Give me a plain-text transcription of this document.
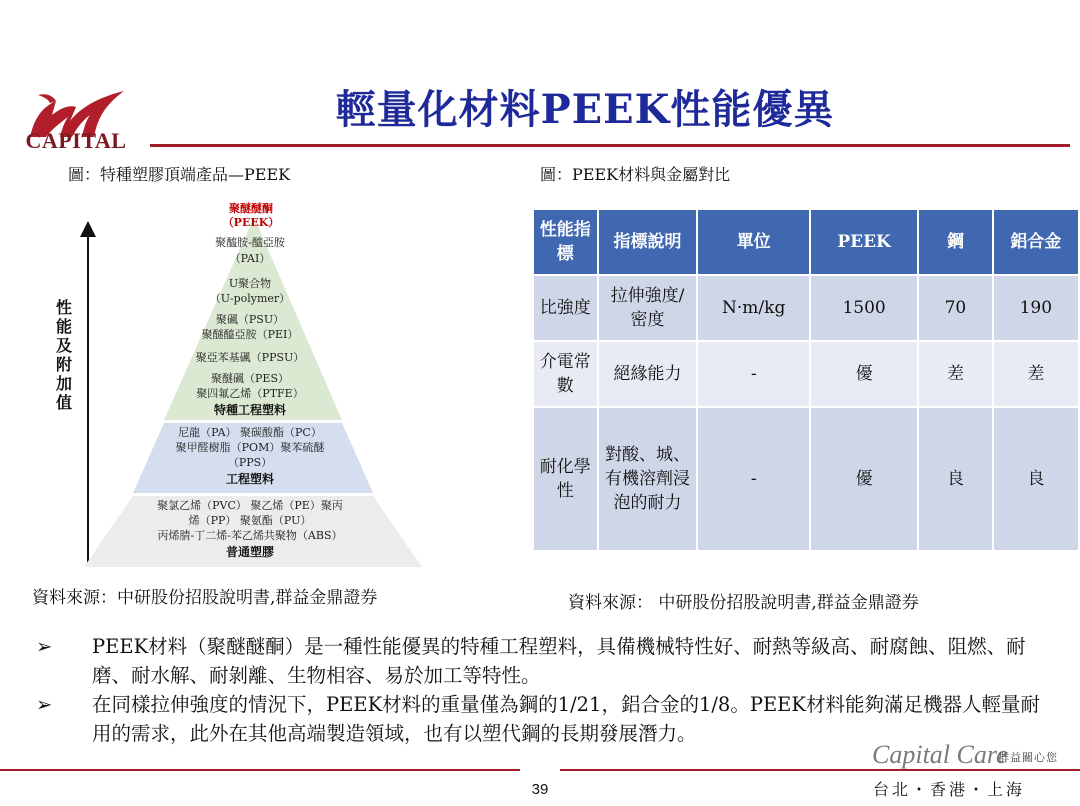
CAPITAL
輕量化材料PEEK性能優異
圖：特種塑膠頂端產品—PEEK	圖：PEEK材料與金屬對比
性能及附加值
聚醚醚酮
（PEEK）
聚醯胺-醯亞胺
（PAI）
U聚合物
（U-polymer）
聚碸（PSU）
聚醚醯亞胺（PEI）
聚亞苯基碸（PPSU）
聚醚碸（PES）
聚四氟乙烯（PTFE）
特種工程塑料
尼龍（PA） 聚碳酸酯（PC）
聚甲醛樹脂（POM）聚苯硫醚
（PPS）
工程塑料
聚氯乙烯（PVC） 聚乙烯（PE）聚丙
烯（PP） 聚氨酯（PU）
丙烯腈-丁二烯-苯乙烯共聚物（ABS）
普通塑膠
性能指標	指標說明	單位	PEEK	鋼	鋁合金
比強度	拉伸強度/密度	N·m/kg	1500	70	190
介電常數	絕緣能力	-	優	差	差
耐化學性	對酸、城、有機溶劑浸泡的耐力	-	優	良	良
資料來源：中研股份招股說明書,群益金鼎證券	資料來源： 中研股份招股說明書,群益金鼎證券
➢	PEEK材料（聚醚醚酮）是一種性能優異的特種工程塑料，具備機械特性好、耐熱等級高、耐腐蝕、阻燃、耐磨、耐水解、耐剝離、生物相容、易於加工等特性。
➢	在同樣拉伸強度的情況下，PEEK材料的重量僅為鋼的1/21，鋁合金的1/8。PEEK材料能夠滿足機器人輕量耐用的需求，此外在其他高端製造領域，也有以塑代鋼的長期發展潛力。
Capital Care
群益關心您
39	台北・香港・上海
